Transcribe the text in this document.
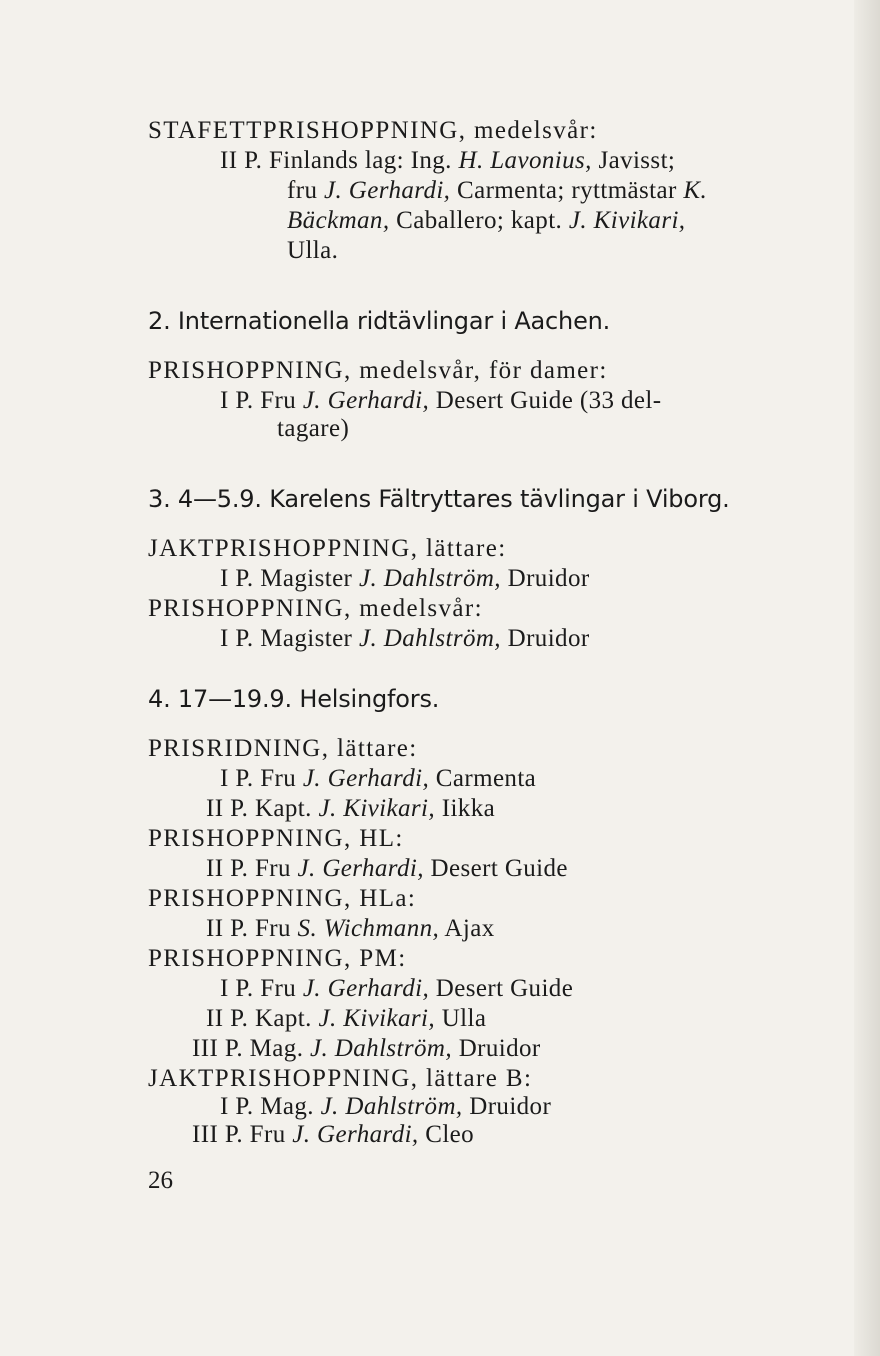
STAFETTPRISHOPPNING, medelsvår:
II P. Finlands lag: Ing. H. Lavonius, Javisst;
fru J. Gerhardi, Carmenta; ryttmästar K.
Bäckman, Caballero; kapt. J. Kivikari,
Ulla.
2. Internationella ridtävlingar i Aachen.
PRISHOPPNING, medelsvår, för damer:
I P. Fru J. Gerhardi, Desert Guide (33 del-
tagare)
3. 4—5.9. Karelens Fältryttares tävlingar i Viborg.
JAKTPRISHOPPNING, lättare:
I P. Magister J. Dahlström, Druidor
PRISHOPPNING, medelsvår:
I P. Magister J. Dahlström, Druidor
4. 17—19.9. Helsingfors.
PRISRIDNING, lättare:
I P. Fru J. Gerhardi, Carmenta
II P. Kapt. J. Kivikari, Iikka
PRISHOPPNING, HL:
II P. Fru J. Gerhardi, Desert Guide
PRISHOPPNING, HLa:
II P. Fru S. Wichmann, Ajax
PRISHOPPNING, PM:
I P. Fru J. Gerhardi, Desert Guide
II P. Kapt. J. Kivikari, Ulla
III P. Mag. J. Dahlström, Druidor
JAKTPRISHOPPNING, lättare B:
I P. Mag. J. Dahlström, Druidor
III P. Fru J. Gerhardi, Cleo
26
